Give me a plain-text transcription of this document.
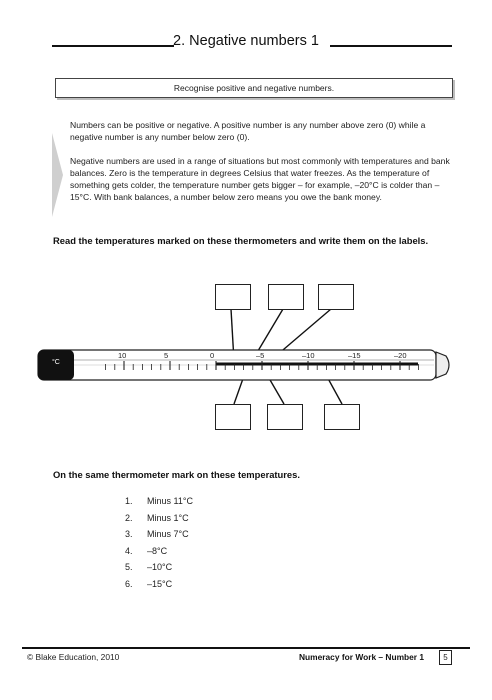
2. Negative numbers 1
Recognise positive and negative numbers.

Numbers can be positive or negative. A positive number is any number above zero (0) while a negative number is any number below zero (0).

Negative numbers are used in a range of situations but most commonly with temperatures and bank balances. Zero is the temperature in degrees Celsius that water freezes. As the temperature of something gets colder, the temperature number gets bigger – for example, –20°C is colder than –15°C. With bank balances, a number below zero means you owe the bank money.

Read the temperatures marked on these thermometers and write them on the labels.
°C
10	5	0	–5	–10	–15	–20
On the same thermometer mark on these temperatures.
1.	Minus 11°C
2.	Minus 1°C
3.	Minus 7°C
4.	–8°C
5.	–10°C
6.	–15°C
© Blake Education, 2010	Numeracy for Work – Number 1	5
